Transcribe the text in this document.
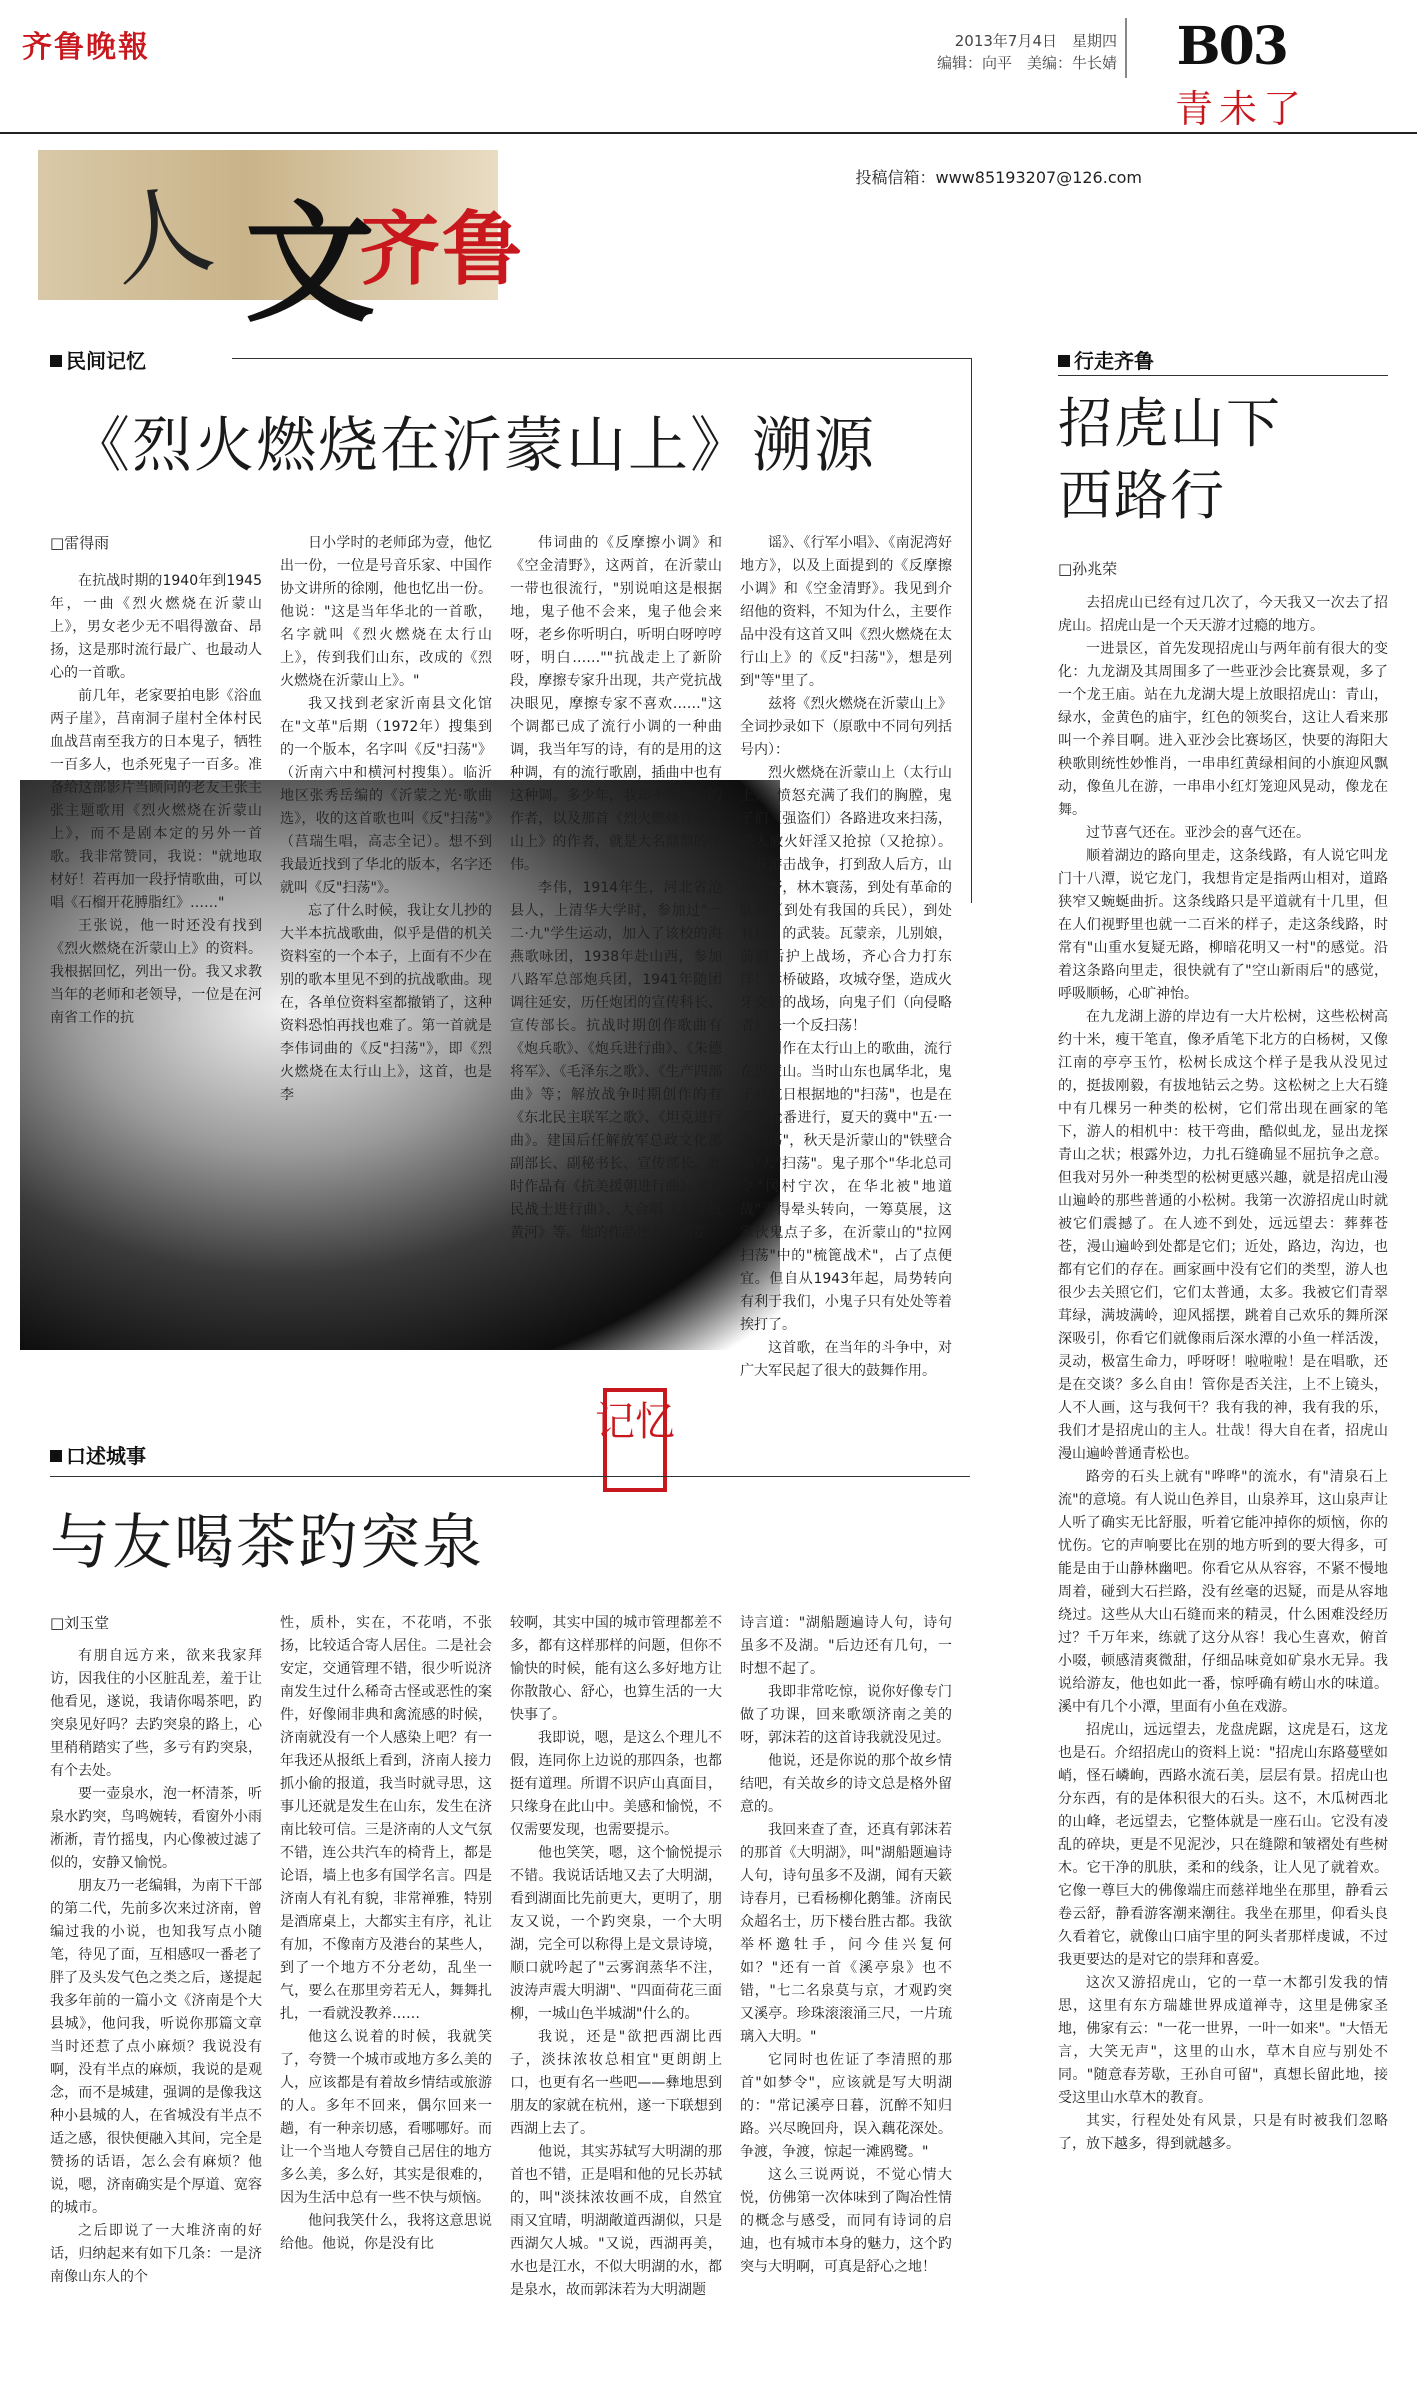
齐鲁晚報	2013年7月4日　星期四
编辑：向平　美编：牛长婧 B03
青未了
人 文
齐鲁
投稿信箱：www85193207@126.com
民间记忆
《烈火燃烧在沂蒙山上》溯源
□雷得雨

在抗战时期的1940年到1945年，一曲《烈火燃烧在沂蒙山上》，男女老少无不唱得激奋、昂扬，这是那时流行最广、也最动人心的一首歌。

前几年，老家要拍电影《浴血两子崖》，莒南洞子崖村全体村民血战莒南至我方的日本鬼子，牺牲一百多人，也杀死鬼子一百多。准备给这部影片当顾问的老友王张主张主题歌用《烈火燃烧在沂蒙山上》，而不是剧本定的另外一首歌。我非常赞同，我说："就地取材好！若再加一段抒情歌曲，可以唱《石榴开花膊脂红》……"

王张说，他一时还没有找到《烈火燃烧在沂蒙山上》的资料。我根据回忆，列出一份。我又求教当年的老师和老领导，一位是在河南省工作的抗

日小学时的老师邱为壹，他忆出一份，一位是号音乐家、中国作协文讲所的徐刚，他也忆出一份。他说："这是当年华北的一首歌，名字就叫《烈火燃烧在太行山上》，传到我们山东，改成的《烈火燃烧在沂蒙山上》。"

我又找到老家沂南县文化馆在"文革"后期（1972年）搜集到的一个版本，名字叫《反"扫荡"》（沂南六中和横河村搜集）。临沂地区张秀岳编的《沂蒙之光·歌曲选》，收的这首歌也叫《反"扫荡"》（莒瑞生唱，高志全记）。想不到我最近找到了华北的版本，名字还就叫《反"扫荡"》。

忘了什么时候，我让女儿抄的大半本抗战歌曲，似乎是借的机关资料室的一个本子，上面有不少在别的歌本里见不到的抗战歌曲。现在，各单位资料室都撤销了，这种资料恐怕再找也难了。第一首就是李伟词曲的《反"扫荡"》，即《烈火燃烧在太行山上》，这首，也是李

伟词曲的《反摩擦小调》和《空金清野》，这两首，在沂蒙山一带也很流行，"别说咱这是根据地，鬼子他不会来，鬼子他会来呀，老乡你听明白，听明白呀哼哼呀，明白……""抗战走上了新阶段，摩擦专家升出现，共产党抗战决眼见，摩擦专家不喜欢……"这个调都已成了流行小调的一种曲调，我当年写的诗，有的是用的这种调，有的流行歌剧，插曲中也有这种调。多少年，我却不知道它的作者，以及那首《烈火燃烧在太行山上》的作者，就是大名鼎鼎的李伟。

李伟，1914年生，河北省沧县人，上清华大学时，参加过"一二·九"学生运动，加入了该校的海燕歌咏团，1938年赴山西，参加八路军总部炮兵团，1941年随团调往延安，历任炮团的宣传科长、宣传部长。抗战时期创作歌曲有《炮兵歌》、《炮兵进行曲》、《朱德将军》、《毛泽东之歌》、《生产四部曲》等；解放战争时期创作的有《东北民主联军之歌》、《坦克进行曲》。建国后任解放军总政文化部副部长、副秘书长、宣传部长。此时作品有《抗美援朝进行曲》、《人民战士进行曲》、大合唱《英雄战黄河》等。他的作品还有《割麦

谣》、《行军小唱》、《南泥湾好地方》，以及上面提到的《反摩擦小调》和《空金清野》。我见到介绍他的资料，不知为什么，主要作品中没有这首又叫《烈火燃烧在太行山上》的《反"扫荡"》，想是列到"等"里了。

兹将《烈火燃烧在沂蒙山上》全词抄录如下（原歌中不同句列括号内）：

烈火燃烧在沂蒙山上（太行山上），愤怒充满了我们的胸膛，鬼子们（强盗们）各路进攻来扫荡，杀人放火奸淫又抢掠（又抢掠）。展开游击战争，打到敌人后方，山川素野，林木寰荡，到处有革命的队伍（到处有我国的兵民），到处有抗日的武装。瓦蒙亲，儿别娘，前拥后护上战场，齐心合力打东洋！拆桥破路，攻城夺堡，造成火牙交错的战场，向鬼子们（向侵略者）来一个反扫荡！

创作在太行山上的歌曲，流行在沂蒙山。当时山东也属华北，鬼子对抗日根据地的"扫荡"，也是在两地轮番进行，夏天的冀中"五·一大扫荡"，秋天是沂蒙山的"铁壁合围"大"扫荡"。鬼子那个"华北总司令"冈村宁次，在华北被"地道战"弄得晕头转向，一筹莫展，这家伙鬼点子多，在沂蒙山的"拉网扫荡"中的"梳篦战术"，占了点便宜。但自从1943年起，局势转向有利于我们，小鬼子只有处处等着挨打了。

这首歌，在当年的斗争中，对广大军民起了很大的鼓舞作用。

记忆
口述城事
与友喝茶趵突泉
□刘玉堂

有朋自远方来，欲来我家拜访，因我住的小区脏乱差，羞于让他看见，遂说，我请你喝茶吧，趵突泉见好吗？去趵突泉的路上，心里稍稍踏实了些，多亏有趵突泉，有个去处。

要一壶泉水，泡一杯清茶，听泉水趵突，鸟鸣婉转，看窗外小雨淅淅，青竹摇曳，内心像被过滤了似的，安静又愉悦。

朋友乃一老编辑，为南下干部的第二代，先前多次来过济南，曾编过我的小说，也知我写点小随笔，待见了面，互相感叹一番老了胖了及头发气色之类之后，遂提起我多年前的一篇小文《济南是个大县城》，他问我，听说你那篇文章当时还惹了点小麻烦？我说没有啊，没有半点的麻烦，我说的是观念，而不是城建，强调的是像我这种小县城的人，在省城没有半点不适之感，很快便融入其间，完全是赞扬的话语，怎么会有麻烦？他说，嗯，济南确实是个厚道、宽容的城市。

之后即说了一大堆济南的好话，归纳起来有如下几条：一是济南像山东人的个

性，质朴，实在，不花哨，不张扬，比较适合寄人居住。二是社会安定，交通管理不错，很少听说济南发生过什么稀奇古怪或恶性的案件，好像闹非典和禽流感的时候，济南就没有一个人感染上吧？有一年我还从报纸上看到，济南人接力抓小偷的报道，我当时就寻思，这事儿还就是发生在山东，发生在济南比较可信。三是济南的人文气氛不错，连公共汽车的椅背上，都是论语，墙上也多有国学名言。四是济南人有礼有貌，非常禅雅，特别是酒席桌上，大都实主有序，礼让有加，不像南方及港台的某些人，到了一个地方不分老幼，乱坐一气，要么在那里旁若无人，舞舞扎扎，一看就没教养……

他这么说着的时候，我就笑了，夸赞一个城市或地方多么美的人，应该都是有着故乡情结或旅游的人。多年不回来，偶尔回来一趟，有一种亲切感，看哪哪好。而让一个当地人夸赞自己居住的地方多么美，多么好，其实是很难的，因为生活中总有一些不快与烦恼。

他问我笑什么，我将这意思说给他。他说，你是没有比

较啊，其实中国的城市管理都差不多，都有这样那样的问题，但你不愉快的时候，能有这么多好地方让你散散心、舒心，也算生活的一大快事了。

我即说，嗯，是这么个理儿不假，连同你上边说的那四条，也都挺有道理。所谓不识庐山真面目，只缘身在此山中。美感和愉悦，不仅需要发现，也需要提示。

他也笑笑，嗯，这个愉悦提示不错。我说话话地又去了大明湖，看到湖面比先前更大，更明了，朋友又说，一个趵突泉，一个大明湖，完全可以称得上是文景诗境，顺口就吟起了"云雾润蒸华不注，波涛声震大明湖"、"四面荷花三面柳，一城山色半城湖"什么的。

我说，还是"欲把西湖比西子，淡抹浓妆总相宜"更朗朗上口，也更有名一些吧——彝地思到朋友的家就在杭州，遂一下联想到西湖上去了。

他说，其实苏轼写大明湖的那首也不错，正是唱和他的兄长苏轼的，叫"淡抹浓妆画不成，自然宜雨又宜晴，明湖敞道西湖似，只是西湖欠人城。"又说，西湖再美，水也是江水，不似大明湖的水，都是泉水，故而郭沫若为大明湖题

诗言道："湖船题遍诗人句，诗句虽多不及湖。"后边还有几句，一时想不起了。

我即非常吃惊，说你好像专门做了功课，回来歌颂济南之美的呀，郭沫若的这首诗我就没见过。

他说，还是你说的那个故乡情结吧，有关故乡的诗文总是格外留意的。

我回来查了查，还真有郭沫若的那首《大明湖》，叫"湖船题遍诗人句，诗句虽多不及湖，闻有天簌诗春月，已看杨柳化鹅雏。济南民众超名士，历下楼台胜古都。我欲举杯邀牡手，问今佳兴复何如？"还有一首《溪亭泉》也不错，"七二名泉莫与京，才观趵突又溪亭。珍珠滚滚涌三尺，一片琉璃入大明。"

它同时也佐证了李清照的那首"如梦令"，应该就是写大明湖的："常记溪亭日暮，沉醉不知归路。兴尽晚回舟，误入藕花深处。争渡，争渡，惊起一滩鸥鹭。"

这么三说两说，不觉心情大悦，仿佛第一次体味到了陶冶性情的概念与感受，而同有诗词的启迪，也有城市本身的魅力，这个趵突与大明啊，可真是舒心之地！

行走齐鲁
招虎山下
西路行
□孙兆荣

去招虎山已经有过几次了，今天我又一次去了招虎山。招虎山是一个天天游才过瘾的地方。

一进景区，首先发现招虎山与两年前有很大的变化：九龙湖及其周围多了一些亚沙会比赛景观，多了一个龙王庙。站在九龙湖大堤上放眼招虎山：青山，绿水，金黄色的庙宇，红色的领奖台，这让人看来那叫一个养目啊。进入亚沙会比赛场区，快要的海阳大秧歌則统性妙惟肖，一串串红黄绿相间的小旗迎风飘动，像鱼儿在游，一串串小红灯笼迎风晃动，像龙在舞。

过节喜气还在。亚沙会的喜气还在。

顺着湖边的路向里走，这条线路，有人说它叫龙门十八潭，说它龙门，我想肯定是指两山相对，道路狭窄又蜿蜒曲折。这条线路只是平道就有十几里，但在人们视野里也就一二百米的样子，走这条线路，时常有"山重水复疑无路，柳暗花明又一村"的感觉。沿着这条路向里走，很快就有了"空山新雨后"的感觉，呼吸顺畅，心旷神怡。

在九龙湖上游的岸边有一大片松树，这些松树高约十米，瘦干笔直，像矛盾笔下北方的白杨树，又像江南的亭亭玉竹，松树长成这个样子是我从没见过的，挺拔刚毅，有拔地钻云之势。这松树之上大石缝中有几棵另一种类的松树，它们常出现在画家的笔下，游人的相机中：枝干弯曲，酷似虬龙，显出龙探青山之状；根露外边，力扎石缝确显不屈抗争之意。但我对另外一种类型的松树更感兴趣，就是招虎山漫山遍岭的那些普通的小松树。我第一次游招虎山时就被它们震撼了。在人迹不到处，远远望去：葬葬苍苍，漫山遍岭到处都是它们；近处，路边，沟边，也都有它们的存在。画家画中没有它们的类型，游人也很少去关照它们，它们太普通，太多。我被它们青翠茸绿，满坡满岭，迎风摇摆，跳着自己欢乐的舞所深深吸引，你看它们就像雨后深水潭的小鱼一样活泼，灵动，极富生命力，呼呀呀！啦啦啦！是在唱歌，还是在交谈？多么自由！管你是否关注，上不上镜头，人不人画，这与我何干？我有我的神，我有我的乐，我们才是招虎山的主人。壮哉！得大自在者，招虎山漫山遍岭普通青松也。

路旁的石头上就有"哗哗"的流水，有"清泉石上流"的意境。有人说山色养目，山泉养耳，这山泉声让人听了确实无比舒服，听着它能冲掉你的烦恼，你的忧伤。它的声响要比在别的地方听到的要大得多，可能是由于山静林幽吧。你看它从从容容，不紧不慢地周着，碰到大石拦路，没有丝毫的迟疑，而是从容地绕过。这些从大山石缝而来的精灵，什么困难没经历过？千万年来，练就了这分从容！我心生喜欢，俯首小啜，顿感清爽微甜，仔细品味竟如矿泉水无异。我说给游友，他也如此一番，惊呼确有崂山水的味道。溪中有几个小潭，里面有小鱼在戏游。

招虎山，远远望去，龙盘虎踞，这虎是石，这龙也是石。介绍招虎山的资料上说："招虎山东路蔓壁如峭，怪石嶙峋，西路水流石美，层层有景。招虎山也分东西，有的是体积很大的石头。这不，木瓜树西北的山峰，老远望去，它整体就是一座石山。它没有凌乱的碎块，更是不见泥沙，只在缝隙和皱褶处有些树木。它干净的肌肤，柔和的线条，让人见了就着欢。它像一尊巨大的佛像端庄而慈祥地坐在那里，静看云卷云舒，静看游客潮来潮往。我坐在那里，仰看头良久看着它，就像山口庙宇里的阿头者那样虔诚，不过我更要达的是对它的崇拜和喜爱。

这次又游招虎山，它的一草一木都引发我的情思，这里有东方瑞雄世界成道禅寺，这里是佛家圣地，佛家有云："一花一世界，一叶一如来"。"大悟无言，大笑无声"，这里的山水，草木自应与别处不同。"随意春芳歇，王孙自可留"，真想长留此地，接受这里山水草木的教育。

其实，行程处处有风景，只是有时被我们忽略了，放下越多，得到就越多。
